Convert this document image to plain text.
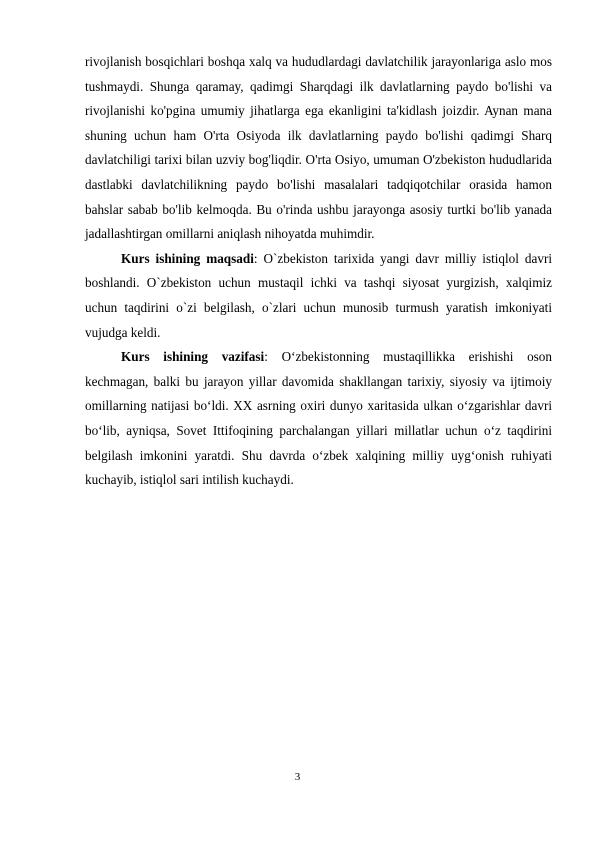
rivojlanish bosqichlari boshqa xalq va hududlardagi davlatchilik jarayonlariga aslo mos tushmaydi. Shunga qaramay, qadimgi Sharqdagi ilk davlatlarning paydo bo'lishi va rivojlanishi ko'pgina umumiy jihatlarga ega ekanligini ta'kidlash joizdir. Aynan mana shuning uchun ham O'rta Osiyoda ilk davlatlarning paydo bo'lishi qadimgi Sharq davlatchiligi tarixi bilan uzviy bog'liqdir. O'rta Osiyo, umuman O'zbekiston hududlarida dastlabki davlatchilikning paydo bo'lishi masalalari tadqiqotchilar orasida hamon bahslar sabab bo'lib kelmoqda. Bu o'rinda ushbu jarayonga asosiy turtki bo'lib yanada jadallashtirgan omillarni aniqlash nihoyatda muhimdir.

Kurs ishining maqsadi: O`zbekiston tarixida yangi davr milliy istiqlol davri boshlandi. O`zbekiston uchun mustaqil ichki va tashqi siyosat yurgizish, xalqimiz uchun taqdirini o`zi belgilash, o`zlari uchun munosib turmush yaratish imkoniyati vujudga keldi.

Kurs ishining vazifasi: O‘zbekistonning mustaqillikka erishishi oson kechmagan, balki bu jarayon yillar davomida shakllangan tarixiy, siyosiy va ijtimoiy omillarning natijasi bo‘ldi. XX asrning oxiri dunyo xaritasida ulkan o‘zgarishlar davri bo‘lib, ayniqsa, Sovet Ittifoqining parchalangan yillari millatlar uchun o‘z taqdirini belgilash imkonini yaratdi. Shu davrda o‘zbek xalqining milliy uyg‘onish ruhiyati kuchayib, istiqlol sari intilish kuchaydi.

3
